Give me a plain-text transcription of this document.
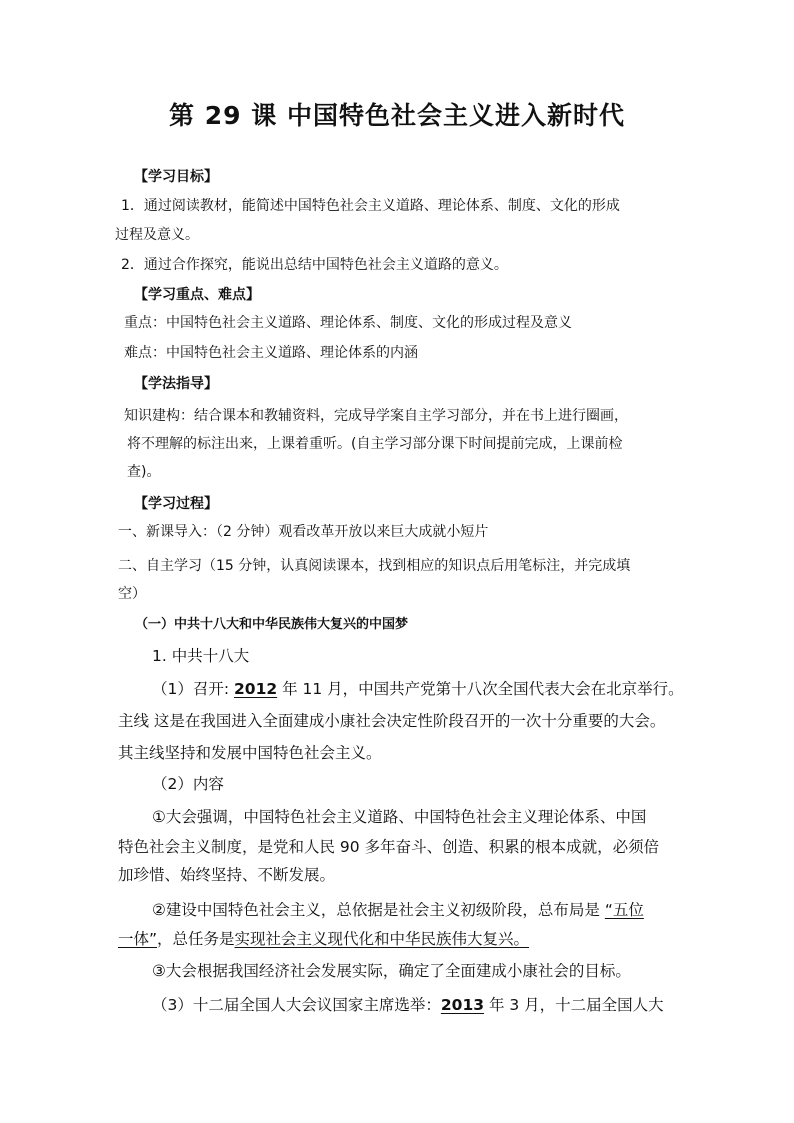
第 29 课 中国特色社会主义进入新时代
【学习目标】
1．通过阅读教材，能简述中国特色社会主义道路、理论体系、制度、文化的形成
过程及意义。
2．通过合作探究，能说出总结中国特色社会主义道路的意义。
【学习重点、难点】
重点：中国特色社会主义道路、理论体系、制度、文化的形成过程及意义
难点：中国特色社会主义道路、理论体系的内涵
【学法指导】
知识建构：结合课本和教辅资料，完成导学案自主学习部分，并在书上进行圈画，
将不理解的标注出来，上课着重听。(自主学习部分课下时间提前完成，上课前检
查)。
【学习过程】
一、新课导入：（2 分钟）观看改革开放以来巨大成就小短片
二、自主学习（15 分钟，认真阅读课本，找到相应的知识点后用笔标注，并完成填
空）
（一）中共十八大和中华民族伟大复兴的中国梦
1. 中共十八大
（1）召开: 2012 年 11 月，中国共产党第十八次全国代表大会在北京举行。
主线 这是在我国进入全面建成小康社会决定性阶段召开的一次十分重要的大会。
其主线坚持和发展中国特色社会主义。
（2）内容
①大会强调，中国特色社会主义道路、中国特色社会主义理论体系、中国
特色社会主义制度，是党和人民 90 多年奋斗、创造、积累的根本成就，必须倍
加珍惜、始终坚持、不断发展。
②建设中国特色社会主义，总依据是社会主义初级阶段，总布局是 “五位
一体”，总任务是实现社会主义现代化和中华民族伟大复兴。
③大会根据我国经济社会发展实际，确定了全面建成小康社会的目标。
（3）十二届全国人大会议国家主席选举：2013 年 3 月，十二届全国人大
